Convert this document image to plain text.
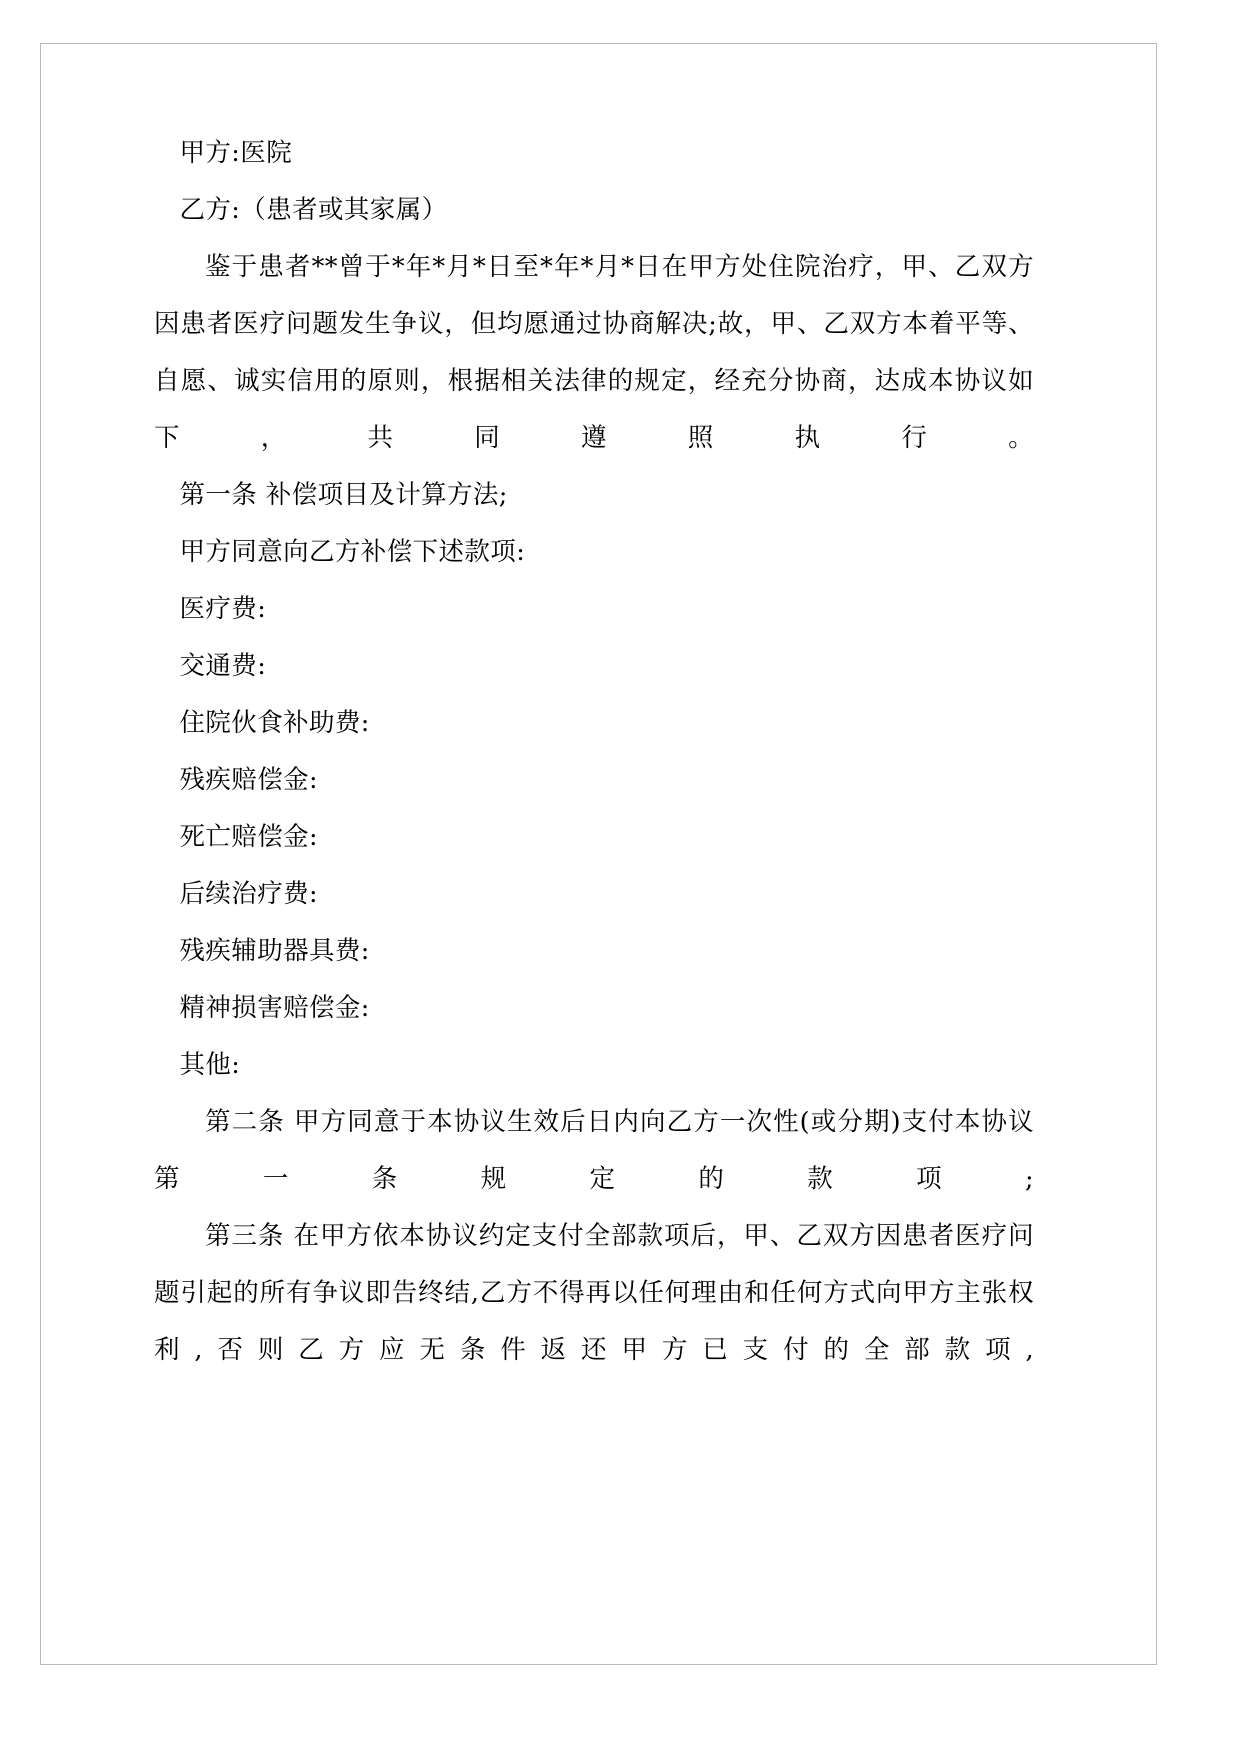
甲方:医院

乙方:（患者或其家属）

鉴于患者**曾于*年*月*日至*年*月*日在甲方处住院治疗，甲、乙双方因患者医疗问题发生争议，但均愿通过协商解决;故，甲、乙双方本着平等、自愿、诚实信用的原则，根据相关法律的规定，经充分协商，达成本协议如下，共同遵照执行。

第一条 补偿项目及计算方法;

甲方同意向乙方补偿下述款项:

医疗费:

交通费:

住院伙食补助费:

残疾赔偿金:

死亡赔偿金:

后续治疗费:

残疾辅助器具费:

精神损害赔偿金:

其他:

第二条 甲方同意于本协议生效后日内向乙方一次性(或分期)支付本协议第一条规定的款项;

第三条 在甲方依本协议约定支付全部款项后，甲、乙双方因患者医疗问题引起的所有争议即告终结,乙方不得再以任何理由和任何方式向甲方主张权利,否则乙方应无条件返还甲方已支付的全部款项,
